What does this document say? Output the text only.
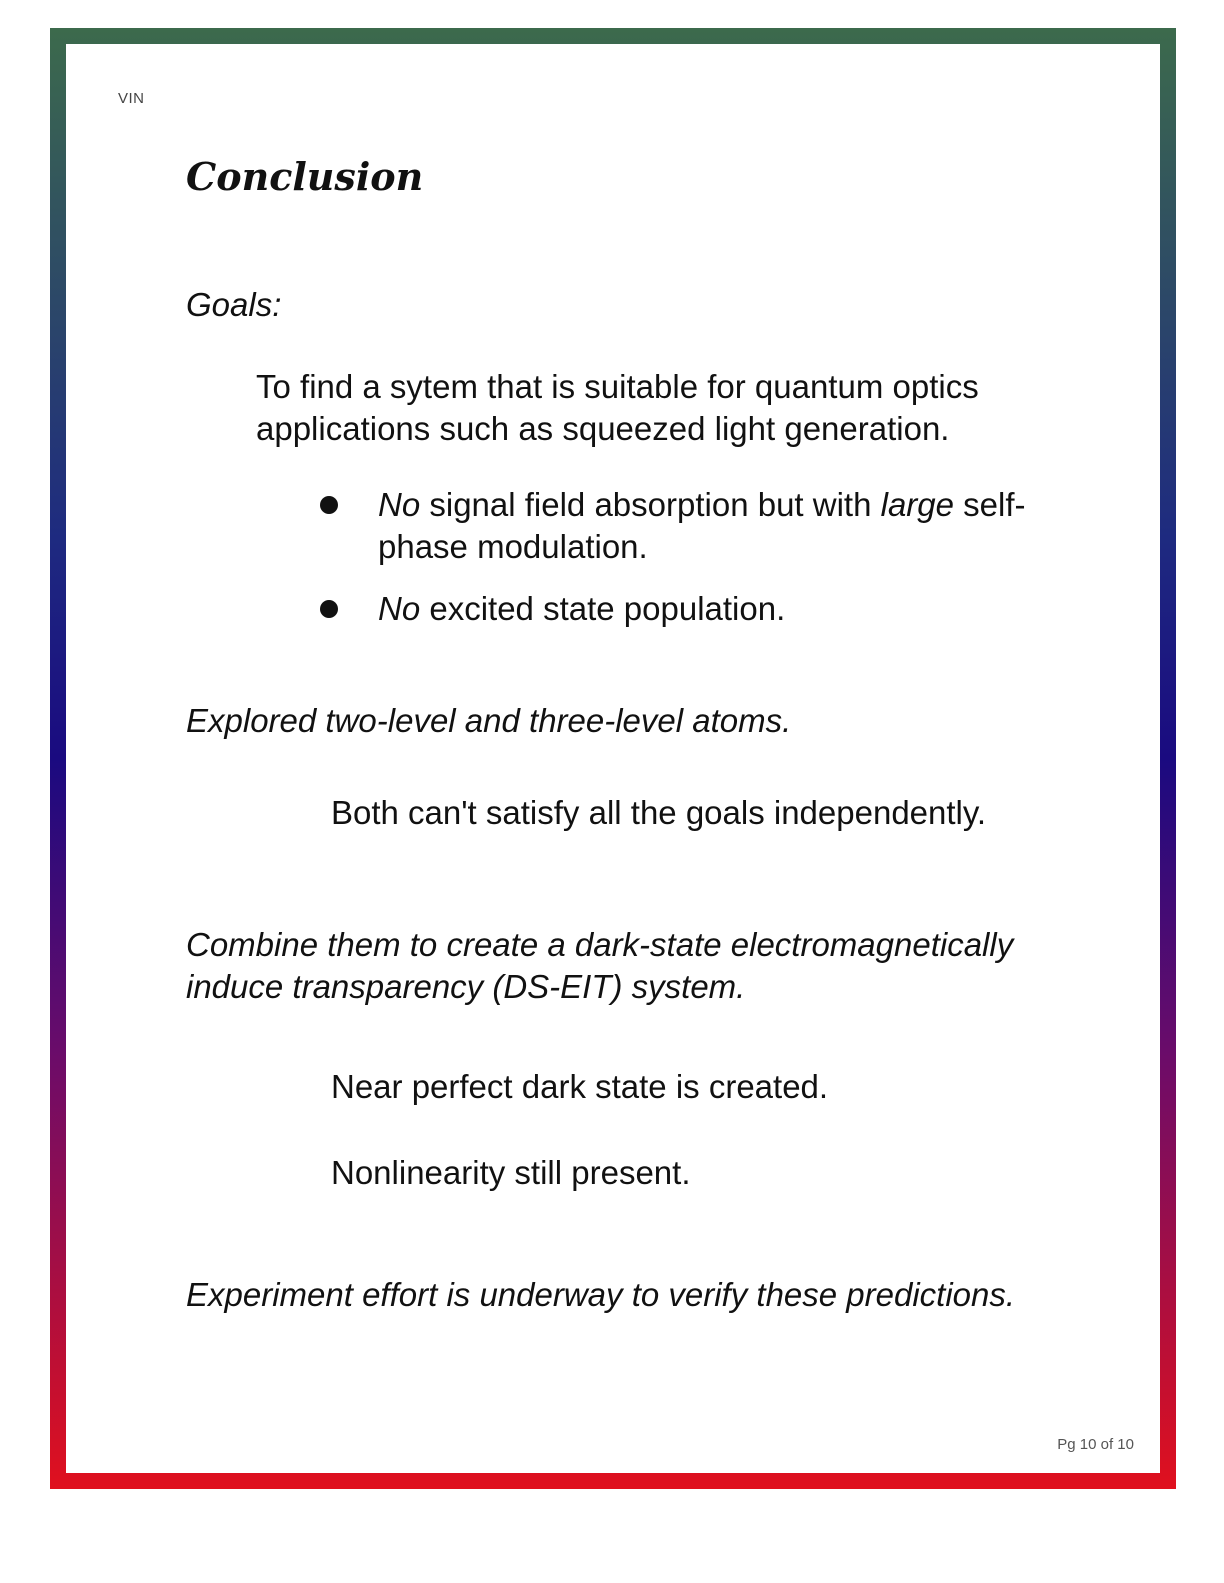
VIN
Conclusion

Goals:

To find a sytem that is suitable for quantum optics applications such as squeezed light generation.

No signal field absorption but with large self-phase modulation.
No excited state population.

Explored two-level and three-level atoms.

Both can't satisfy all the goals independently.

Combine them to create a dark-state electromagnetically induce transparency (DS-EIT) system.

Near perfect dark state is created.

Nonlinearity still present.

Experiment effort is underway to verify these predictions.

Pg 10 of 10
